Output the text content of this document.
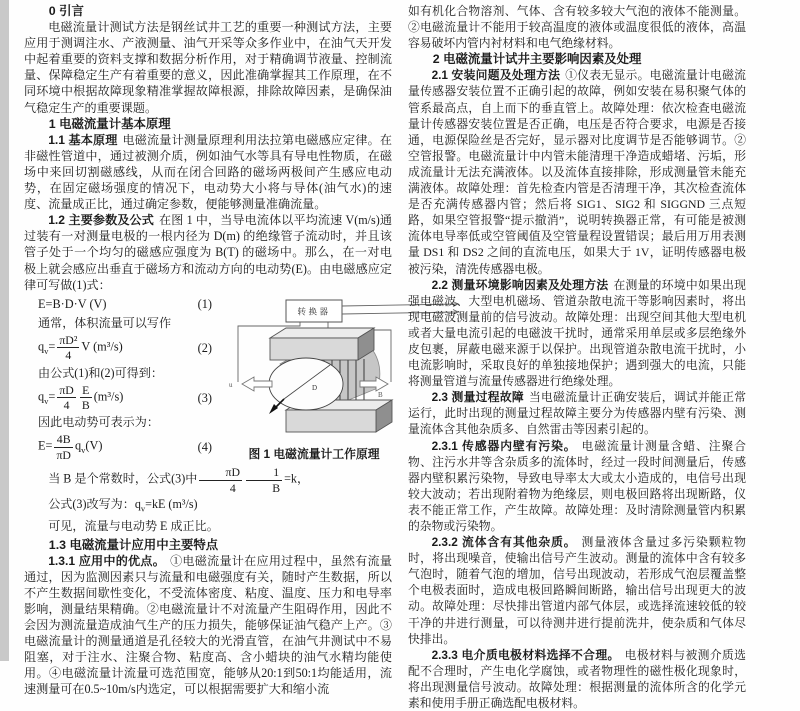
0 引言

电磁流量计测试方法是钢丝试井工艺的重要一种测试方法，主要应用于测调注水、产液测量、油气开采等众多作业中，在油气天开发中起着重要的资料支撑和数据分析作用，对于精确调节液量、控制流量、保障稳定生产有着重要的意义，因此准确掌握其工作原理，在不同环境中根据故障现象精准掌握故障根源，排除故障因素，是确保油气稳定生产的重要课题。

1 电磁流量计基本原理

1.1 基本原理 电磁流量计测量原理利用法拉第电磁感应定律。在非磁性管道中，通过被测介质，例如油气水等具有导电性物质，在磁场中来回切割磁感线，从而在闭合回路的磁场两极间产生感应电动势，在固定磁场强度的情况下，电动势大小将与导体(油气水)的速度、流量成正比，通过确定参数，便能够测量准确流量。

1.2 主要参数及公式 在图 1 中，当导电流体以平均流速 V(m/s)通过装有一对测量电极的一根内径为 D(m) 的绝缘管子流动时，并且该管子处于一个均匀的磁感应强度为 B(T) 的磁场中。那么，在一对电极上就会感应出垂直于磁场方和流动方向的电动势(E)。由电磁感应定律可写做(1)式：

转换器
D
u
B
图 1 电磁流量计工作原理
E=B·D·V (V)	(1)

通常，体积流量可以写作

$q_v= \frac{\text{πD²}}{4}$ V (m³/s)	(2)

由公式(1)和(2)可得到：

$q_v= \frac{\pi D}{4} \frac{E}{B} (m^3/s)$	(3)

因此电动势可表示为：

$E= \frac{4B}{\pi D} q_v(V)$	(4)

当 B 是个常数时，公式(3)中 $\frac{\pi D}{4} \frac{1}{B} =k$，

公式(3)改写为：$q_v=kE$ (m³/s)

可见，流量与电动势 E 成正比。

1.3 电磁流量计应用中主要特点

1.3.1 应用中的优点。 ①电磁流量计在应用过程中，虽然有流量通过，因为监测因素只与流量和电磁强度有关，随时产生数据，所以不产生数据间歇性变化，不受流体密度、粘度、温度、压力和电导率影响，测量结果精确。②电磁流量计不对流量产生阻碍作用，因此不会因为测流量造成油气生产的压力损失，能够保证油气稳产上产。③电磁流量计的测量通道是孔径较大的光滑直管，在油气井测试中不易阻塞，对于注水、注聚合物、粘度高、含小蜡块的油气水精均能使用。④电磁流量计流量可选范围宽，能够从20:1到50:1均能适用，流速测量可在0.5~10m/s内选定，可以根据需要扩大和缩小流

如有机化合物溶剂、气体、含有较多较大气泡的液体不能测量。②电磁流量计不能用于较高温度的液体或温度很低的液体，高温容易破坏内管内衬材料和电气绝缘材料。

2 电磁流量计试井主要影响因素及处理

2.1 安装问题及处理方法 ①仪表无显示。电磁流量计电磁流量传感器安装位置不正确引起的故障，例如安装在易积聚气体的管系最高点，自上而下的垂直管上。故障处理：依次检查电磁流量计传感器安装位置是否正确，电压是否符合要求，电源是否接通，电源保险丝是否完好，显示器对比度调节是否能够调节。②空管报警。电磁流量计中内管未能清理干净造成蜡堵、污垢，形成流量计无法充满液体。以及流体直接排除，形成测量管未能充满液体。故障处理：首先检查内管是否清理干净，其次检查流体是否充满传感器内管；然后将 SIG1、SIG2 和 SIGGND 三点短路，如果空管报警“提示撤消”，说明转换器正常，有可能是被测流体电导率低或空管阈值及空管量程设置错误；最后用万用表测量 DS1 和 DS2 之间的直流电压，如果大于 1V，证明传感器电极被污染，清洗传感器电极。

2.2 测量环境影响因素及处理方法 在测量的环境中如果出现强电磁波、大型电机磁场、管道杂散电流干等影响因素时，将出现电磁波测量前的信号波动。故障处理：出现空间其他大型电机或者大量电流引起的电磁波干扰时，通常采用单层或多层绝缘外皮包裹，屏蔽电磁来源于以保护。出现管道杂散电流干扰时，小电流影响时，采取良好的单独接地保护；遇到强大的电流，只能将测量管道与流量传感器进行绝缘处理。

2.3 测量过程故障 当电磁流量计正确安装后，调试并能正常运行，此时出现的测量过程故障主要分为传感器内壁有污染、测量流体含其他杂质多、自然雷击等因素引起的。

2.3.1 传感器内壁有污染。 电磁流量计测量含蜡、注聚合物、注污水井等含杂质多的流体时，经过一段时间测量后，传感器内壁积累污染物，导致电导率太大或太小造成的，电信号出现较大波动；若出现附着物为绝缘层，则电极回路将出现断路，仪表不能正常工作，产生故障。故障处理：及时清除测量管内积累的杂物或污染物。

2.3.2 流体含有其他杂质。 测量液体含量过多污染颗粒物时，将出现噪音，使输出信号产生波动。测量的流体中含有较多气泡时，随着气泡的增加，信号出现波动，若形成气泡层覆盖整个电极表面时，造成电极回路瞬间断路，输出信号出现更大的波动。故障处理：尽快排出管道内部气体层，或选择流速较低的较干净的井进行测量，可以待测井进行提前洗井，使杂质和气体尽快排出。

2.3.3 电介质电极材料选择不合理。 电极材料与被测介质选配不合理时，产生电化学腐蚀，或者物理性的磁性极化现象时，将出现测量信号波动。故障处理：根据测量的流体所含的化学元素和使用手册正确选配电极材料。
